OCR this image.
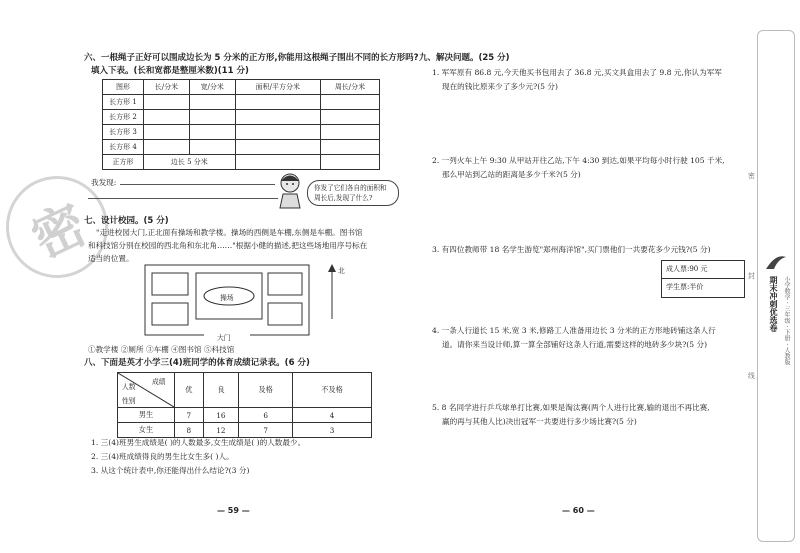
密
六、一根绳子正好可以围成边长为 5 分米的正方形,你能用这根绳子围出不同的长方形吗?
填入下表。(长和宽都是整厘米数)(11 分)
图形	长/分米	宽/分米	面积/平方分米	周长/分米
长方形 1				
长方形 2				
长方形 3				
长方形 4				
正方形	边长 5 分米			
我发现:
你发了它们各自的面积和周长后,发现了什么?
七、设计校园。(5 分)
"走进校园大门,正北面有操场和教学楼。操场的西侧是车棚,东侧是车棚。图书馆
和科技馆分别在校园的西北角和东北角……"根据小健的描述,把这些场地用序号标在
适当的位置。
操场
大门
北
①教学楼 ②厕所 ③车棚 ④图书馆 ⑤科技馆
八、下面是英才小学三(4)班同学的体育成绩记录表。(6 分)
成绩
人数
性别	优	良	及格	不及格
男生	7	16	6	4
女生	8	12	7	3
1. 三(4)班男生成绩是( )的人数最多,女生成绩是( )的人数最少。
2. 三(4)班成绩得良的男生比女生多( )人。
3. 从这个统计表中,你还能得出什么结论?(3 分)
— 59 —
九、解决问题。(25 分)
1. 军军原有 86.8 元,今天他买书包用去了 36.8 元,买文具盒用去了 9.8 元,你认为军军
现在的钱比原来少了多少元?(5 分)
2. 一列火车上午 9:30 从甲站开往乙站,下午 4:30 到达,如果平均每小时行驶 105 千米,
那么甲站到乙站的距离是多少千米?(5 分)
3. 有四位教师带 18 名学生游览"郑州海洋馆",买门票他们一共要花多少元钱?(5 分)
4. 一条人行道长 15 米,宽 3 米,修路工人准备用边长 3 分米的正方形地砖铺这条人行
道。请你来当设计师,算一算全部铺好这条人行道,需要这样的地砖多少块?(5 分)
5. 8 名同学进行乒乓球单打比赛,如果是淘汰赛(两个人进行比赛,输的退出不再比赛,
赢的再与其他人比)决出冠军一共要进行多少场比赛?(5 分)
— 60 —
成人票:90 元
学生票:半价	期末冲刺优选卷 小学数学 · 三年级 · 下册 · 人教版
密
封
线
